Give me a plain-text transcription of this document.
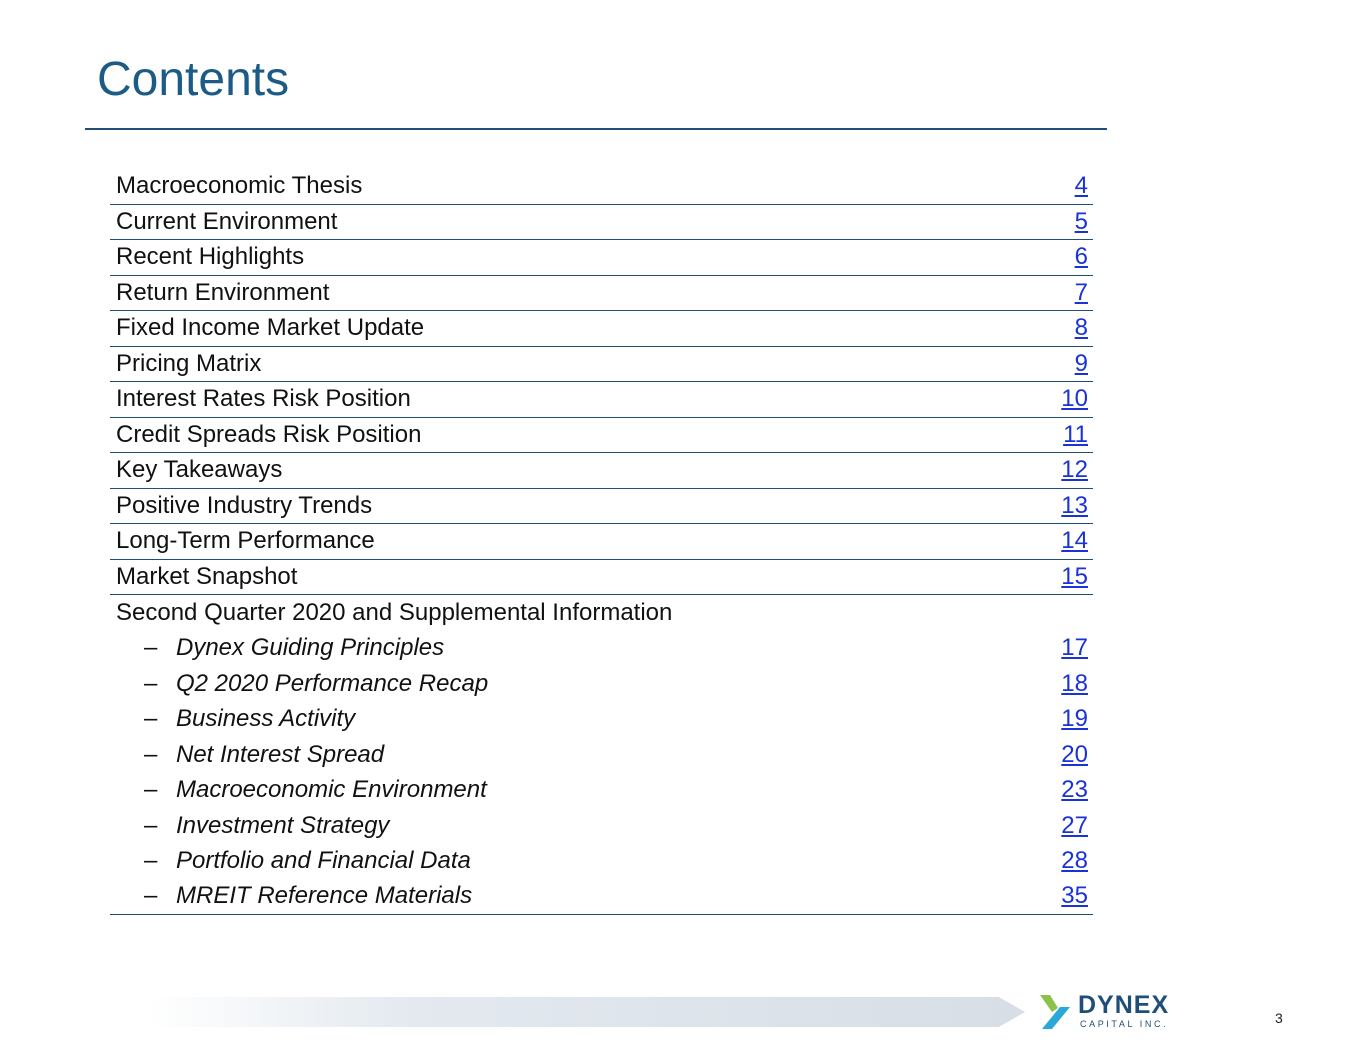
Contents
Macroeconomic Thesis	4
Current Environment	5
Recent Highlights	6
Return Environment	7
Fixed Income Market Update	8
Pricing Matrix	9
Interest Rates Risk Position	10
Credit Spreads Risk Position	11
Key Takeaways	12
Positive Industry Trends	13
Long-Term Performance	14
Market Snapshot	15
Second Quarter 2020 and Supplemental Information
– Dynex Guiding Principles	17
– Q2 2020 Performance Recap	18
– Business Activity	19
– Net Interest Spread	20
– Macroeconomic Environment	23
– Investment Strategy	27
– Portfolio and Financial Data	28
– MREIT Reference Materials	35
DYNEX
CAPITAL INC.	3
